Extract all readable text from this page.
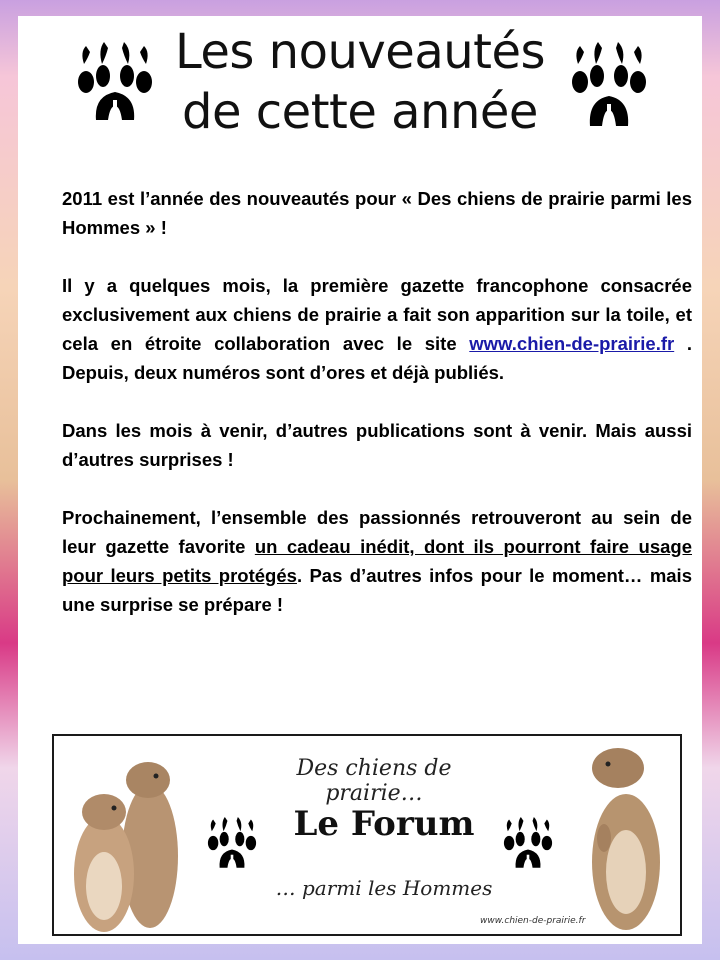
Les nouveautés
de cette année

2011 est l’année des nouveautés pour « Des chiens de prairie parmi les Hommes » !

Il y a quelques mois, la première gazette francophone consacrée exclusivement aux chiens de prairie a fait son apparition sur la toile, et cela en étroite collaboration avec le site www.chien-de-prairie.fr . Depuis, deux numéros sont d’ores et déjà publiés.

Dans les mois à venir, d’autres publications sont à venir. Mais aussi d’autres surprises !

Prochainement, l’ensemble des passionnés retrouveront au sein de leur gazette favorite un cadeau inédit, dont ils pourront faire usage pour leurs petits protégés. Pas d’autres infos pour le moment… mais une surprise se prépare !

Des chiens de prairie…
Le Forum
… parmi les Hommes
www.chien-de-prairie.fr
